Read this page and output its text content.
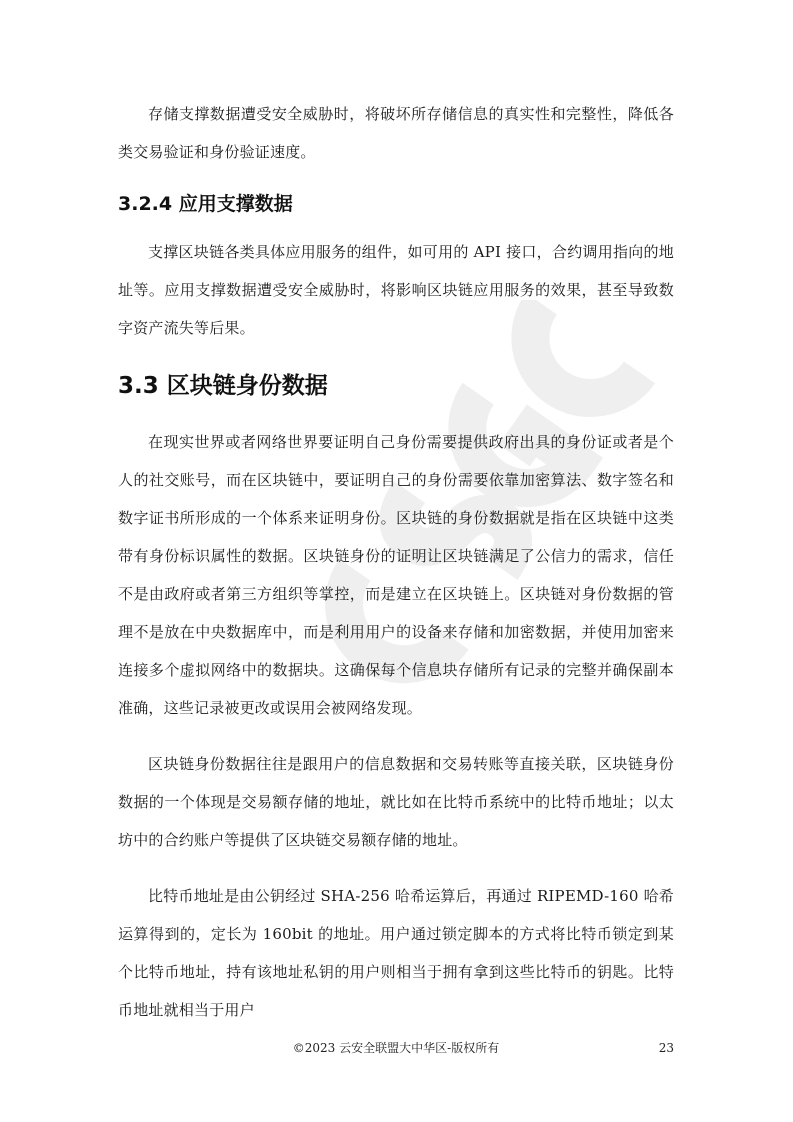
存储支撑数据遭受安全威胁时，将破坏所存储信息的真实性和完整性，降低各类交易验证和身份验证速度。

3.2.4 应用支撑数据

支撑区块链各类具体应用服务的组件，如可用的 API 接口，合约调用指向的地址等。应用支撑数据遭受安全威胁时，将影响区块链应用服务的效果，甚至导致数字资产流失等后果。

3.3 区块链身份数据

在现实世界或者网络世界要证明自己身份需要提供政府出具的身份证或者是个人的社交账号，而在区块链中，要证明自己的身份需要依靠加密算法、数字签名和数字证书所形成的一个体系来证明身份。区块链的身份数据就是指在区块链中这类带有身份标识属性的数据。区块链身份的证明让区块链满足了公信力的需求，信任不是由政府或者第三方组织等掌控，而是建立在区块链上。区块链对身份数据的管理不是放在中央数据库中，而是利用用户的设备来存储和加密数据，并使用加密来连接多个虚拟网络中的数据块。这确保每个信息块存储所有记录的完整并确保副本准确，这些记录被更改或误用会被网络发现。

区块链身份数据往往是跟用户的信息数据和交易转账等直接关联，区块链身份数据的一个体现是交易额存储的地址，就比如在比特币系统中的比特币地址；以太坊中的合约账户等提供了区块链交易额存储的地址。

比特币地址是由公钥经过 SHA-256 哈希运算后，再通过 RIPEMD-160 哈希运算得到的，定长为 160bit 的地址。用户通过锁定脚本的方式将比特币锁定到某个比特币地址，持有该地址私钥的用户则相当于拥有拿到这些比特币的钥匙。比特币地址就相当于用户

©2023 云安全联盟大中华区-版权所有	23
